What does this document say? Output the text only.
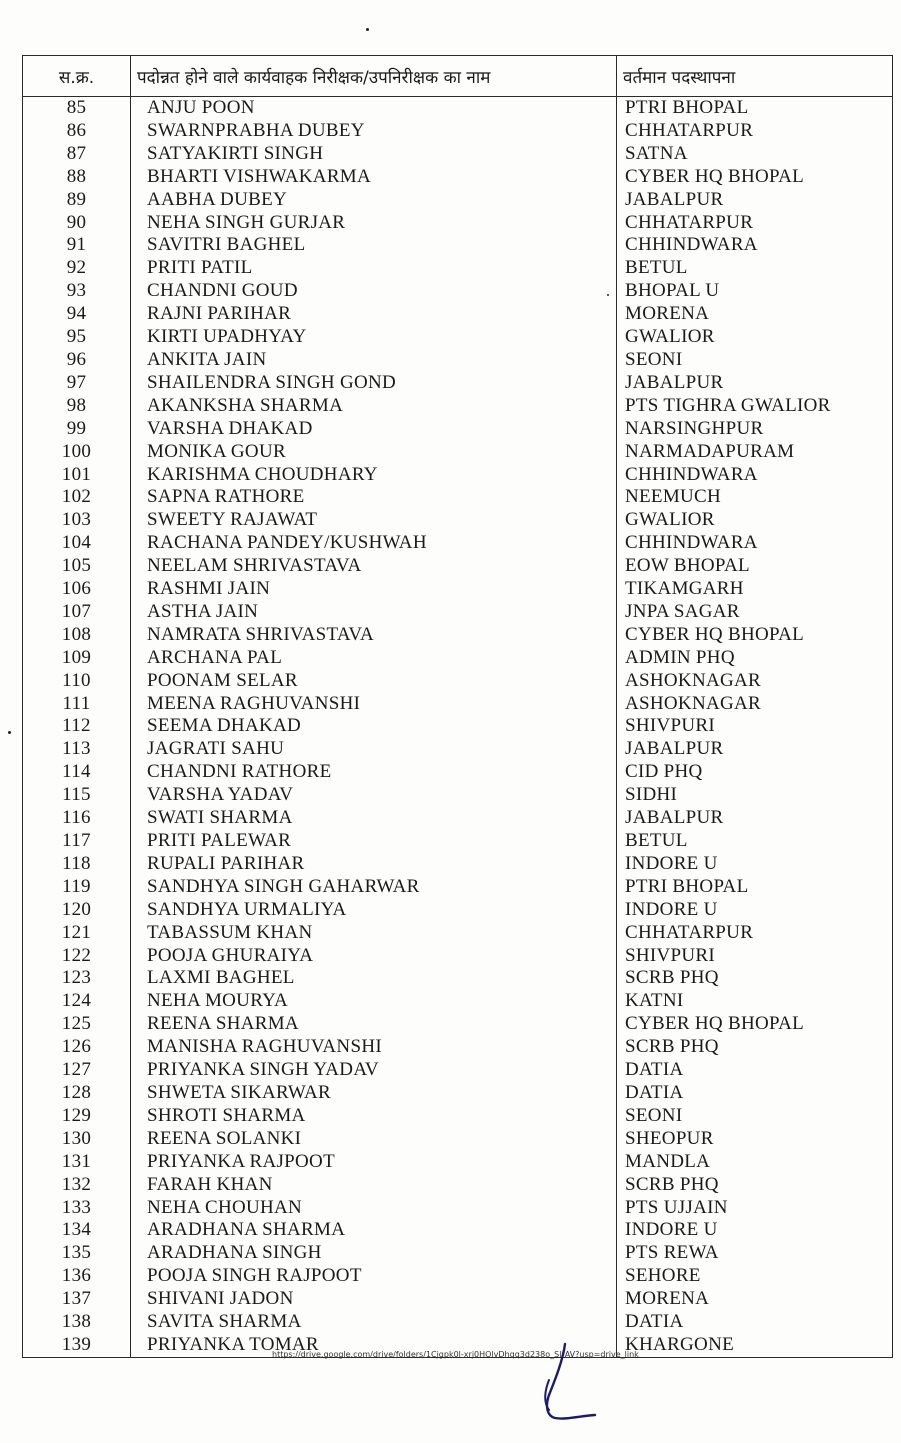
स.क्र.	पदोन्नत होने वाले कार्यवाहक निरीक्षक/उपनिरीक्षक का नाम	वर्तमान पदस्थापना
85	ANJU POON	PTRI BHOPAL
86	SWARNPRABHA DUBEY	CHHATARPUR
87	SATYAKIRTI SINGH	SATNA
88	BHARTI VISHWAKARMA	CYBER HQ BHOPAL
89	AABHA DUBEY	JABALPUR
90	NEHA SINGH GURJAR	CHHATARPUR
91	SAVITRI BAGHEL	CHHINDWARA
92	PRITI PATIL	BETUL
93	CHANDNI GOUD	BHOPAL U
94	RAJNI PARIHAR	MORENA
95	KIRTI UPADHYAY	GWALIOR
96	ANKITA JAIN	SEONI
97	SHAILENDRA SINGH GOND	JABALPUR
98	AKANKSHA SHARMA	PTS TIGHRA GWALIOR
99	VARSHA DHAKAD	NARSINGHPUR
100	MONIKA GOUR	NARMADAPURAM
101	KARISHMA CHOUDHARY	CHHINDWARA
102	SAPNA RATHORE	NEEMUCH
103	SWEETY RAJAWAT	GWALIOR
104	RACHANA PANDEY/KUSHWAH	CHHINDWARA
105	NEELAM SHRIVASTAVA	EOW BHOPAL
106	RASHMI JAIN	TIKAMGARH
107	ASTHA JAIN	JNPA SAGAR
108	NAMRATA SHRIVASTAVA	CYBER HQ BHOPAL
109	ARCHANA PAL	ADMIN PHQ
110	POONAM SELAR	ASHOKNAGAR
111	MEENA RAGHUVANSHI	ASHOKNAGAR
112	SEEMA DHAKAD	SHIVPURI
113	JAGRATI SAHU	JABALPUR
114	CHANDNI RATHORE	CID PHQ
115	VARSHA YADAV	SIDHI
116	SWATI SHARMA	JABALPUR
117	PRITI PALEWAR	BETUL
118	RUPALI PARIHAR	INDORE U
119	SANDHYA SINGH GAHARWAR	PTRI BHOPAL
120	SANDHYA URMALIYA	INDORE U
121	TABASSUM KHAN	CHHATARPUR
122	POOJA GHURAIYA	SHIVPURI
123	LAXMI BAGHEL	SCRB PHQ
124	NEHA MOURYA	KATNI
125	REENA SHARMA	CYBER HQ BHOPAL
126	MANISHA RAGHUVANSHI	SCRB PHQ
127	PRIYANKA SINGH YADAV	DATIA
128	SHWETA SIKARWAR	DATIA
129	SHROTI SHARMA	SEONI
130	REENA SOLANKI	SHEOPUR
131	PRIYANKA RAJPOOT	MANDLA
132	FARAH KHAN	SCRB PHQ
133	NEHA CHOUHAN	PTS UJJAIN
134	ARADHANA SHARMA	INDORE U
135	ARADHANA SINGH	PTS REWA
136	POOJA SINGH RAJPOOT	SEHORE
137	SHIVANI JADON	MORENA
138	SAVITA SHARMA	DATIA
139	PRIYANKA TOMAR	KHARGONE
https://drive.google.com/drive/folders/1Cjgpk0l-xrj0HOlvDhqq3d238o_SlrAV?usp=drive_link
